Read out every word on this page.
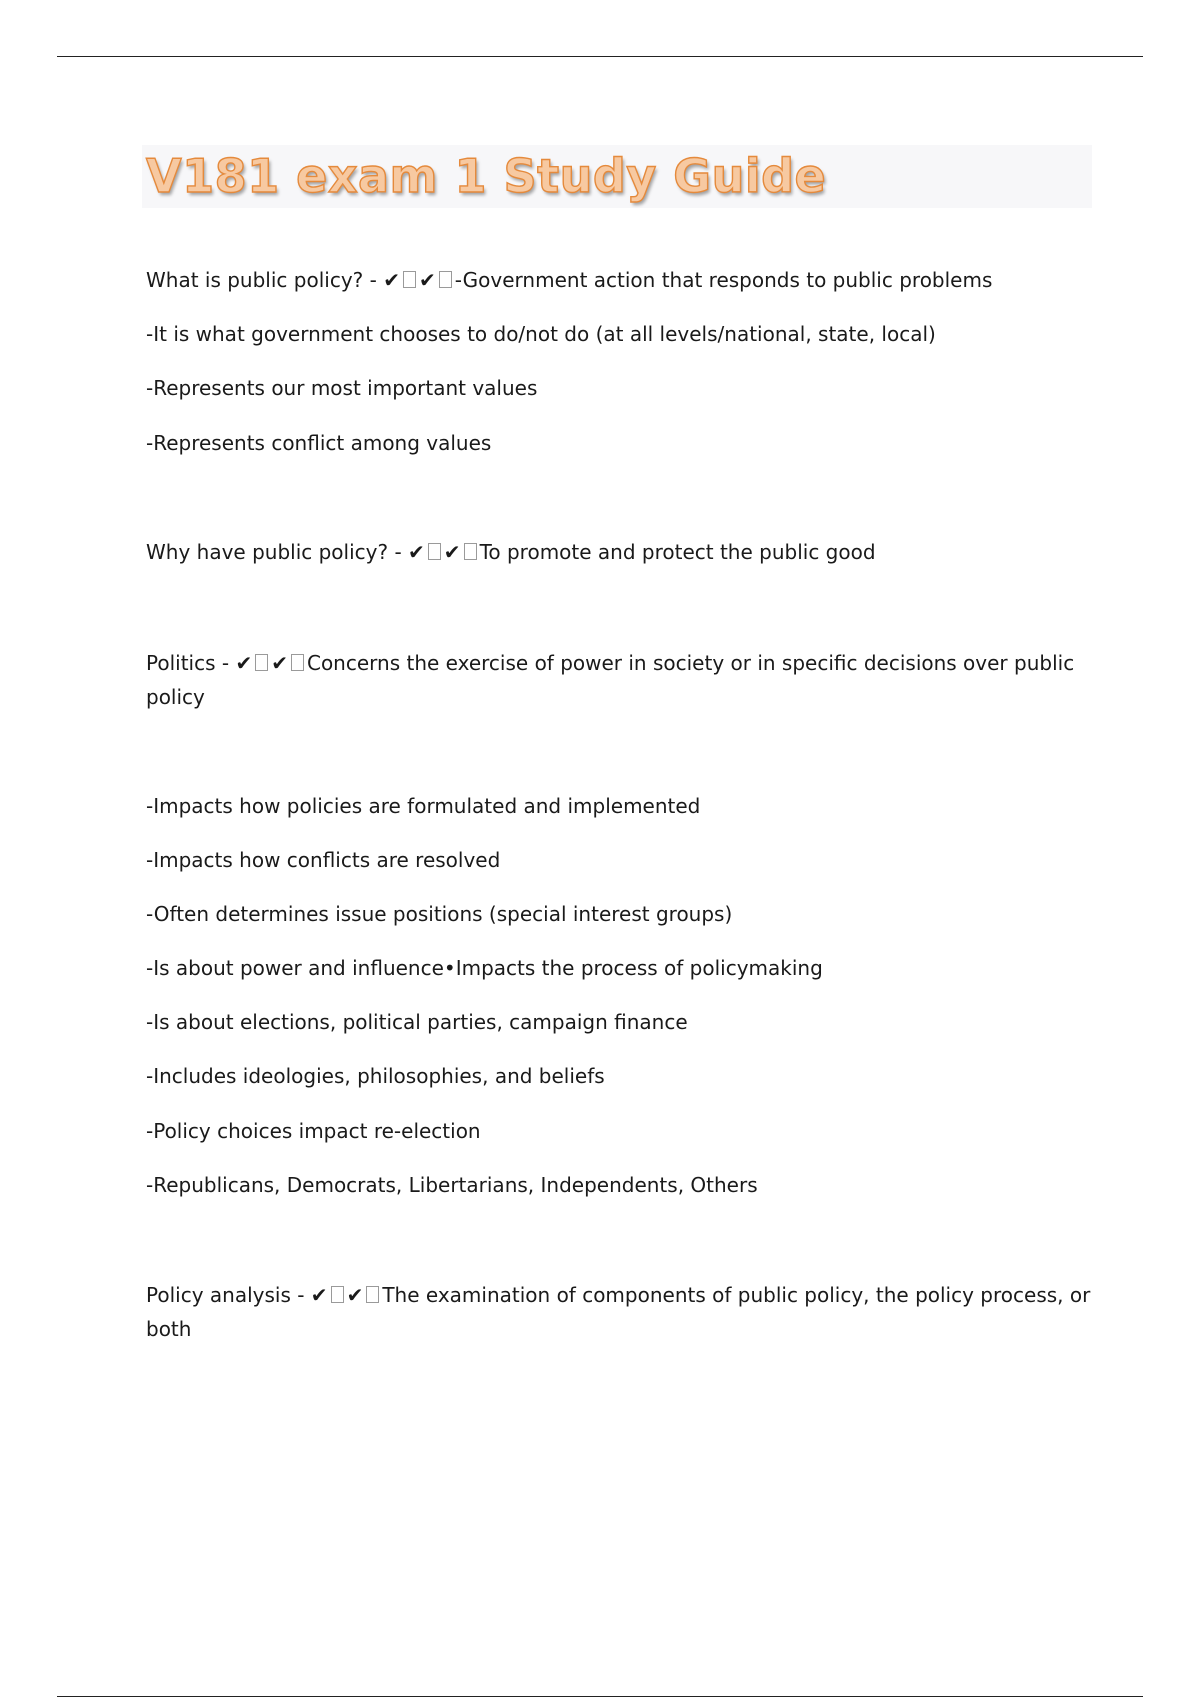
V181 exam 1 Study Guide

What is public policy? - ✔ ✔ -Government action that responds to public problems

-It is what government chooses to do/not do (at all levels/national, state, local)

-Represents our most important values

-Represents conflict among values

Why have public policy? - ✔ ✔ To promote and protect the public good

Politics - ✔ ✔ Concerns the exercise of power in society or in specific decisions over public policy

-Impacts how policies are formulated and implemented

-Impacts how conflicts are resolved

-Often determines issue positions (special interest groups)

-Is about power and influence•Impacts the process of policymaking

-Is about elections, political parties, campaign finance

-Includes ideologies, philosophies, and beliefs

-Policy choices impact re-election

-Republicans, Democrats, Libertarians, Independents, Others

Policy analysis - ✔ ✔ The examination of components of public policy, the policy process, or both
